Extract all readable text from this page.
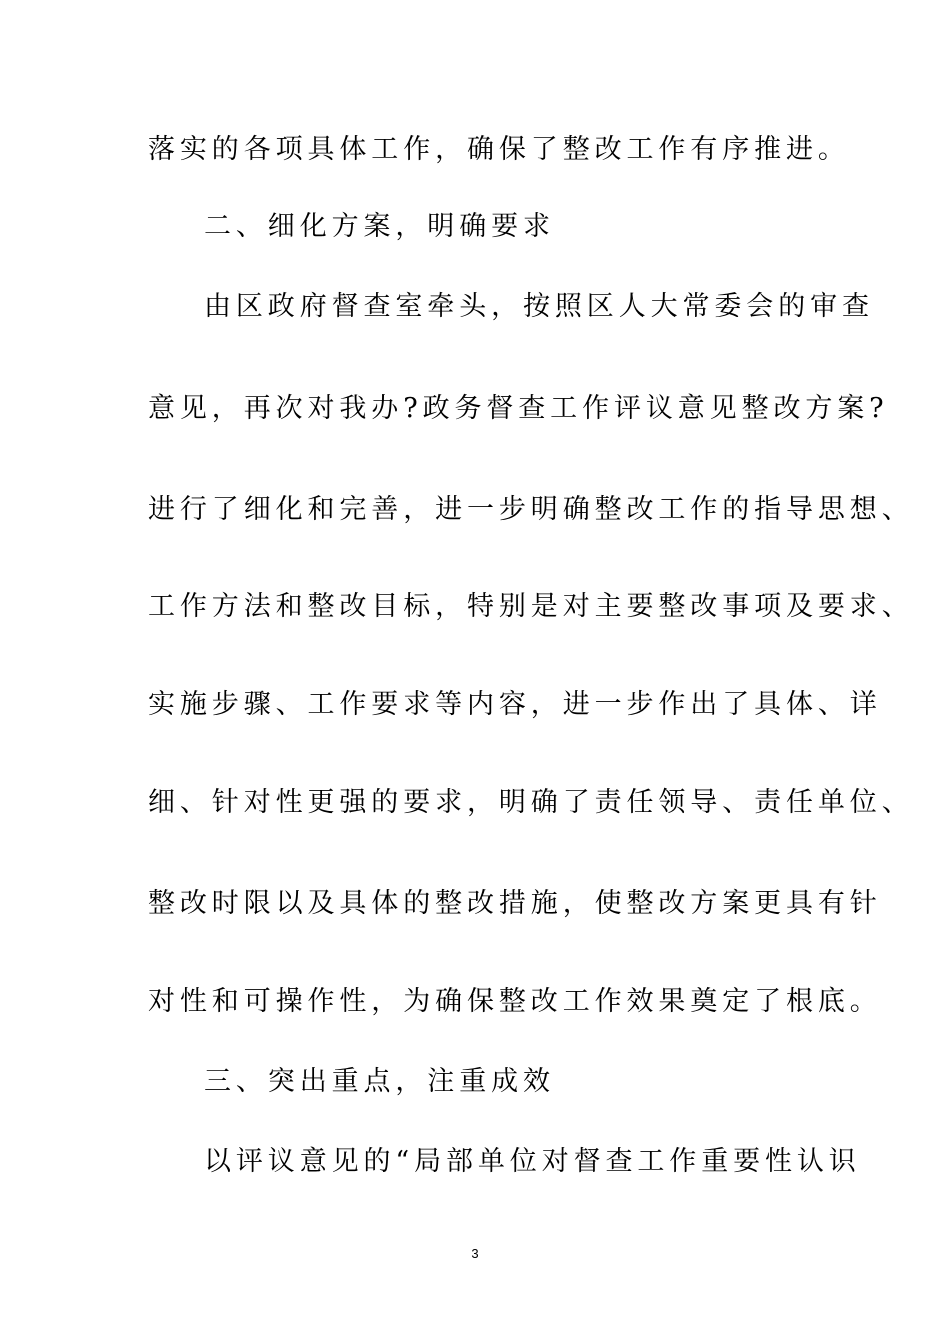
落实的各项具体工作，确保了整改工作有序推进。
二、细化方案，明确要求
由区政府督查室牵头，按照区人大常委会的审查
意见，再次对我办?政务督查工作评议意见整改方案?
进行了细化和完善，进一步明确整改工作的指导思想、
工作方法和整改目标，特别是对主要整改事项及要求、
实施步骤、工作要求等内容，进一步作出了具体、详
细、针对性更强的要求，明确了责任领导、责任单位、
整改时限以及具体的整改措施，使整改方案更具有针
对性和可操作性，为确保整改工作效果奠定了根底。
三、突出重点，注重成效
以评议意见的“局部单位对督查工作重要性认识
3
